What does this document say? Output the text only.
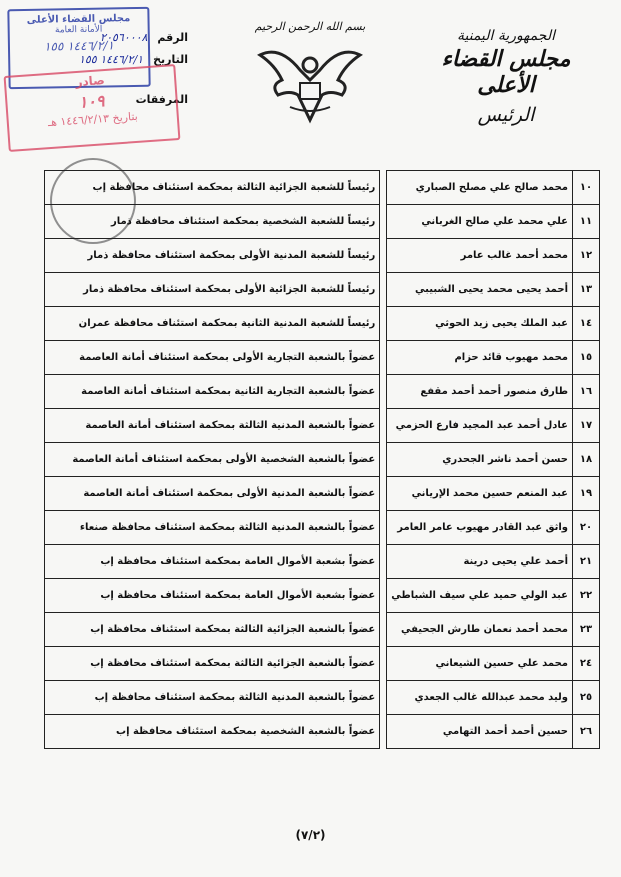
الجمهورية اليمنية
مجلس القضاء الأعلى
الرئيس
بسم الله الرحمن الرحيم
مجلس القضاء الأعلى
الأمانة العامة
١٤٤٦/٢/١ ١٥٥
الرقم
٢٠٥٦٠٠٠٨
التاريخ
١٤٤٦/٢/١ ١٥٥
المرفقات
صادر
١٠٩
بتاريخ ١٤٤٦/٢/١٣ هـ
١٠	محمد صالح علي مصلح الصباري		رئيساً للشعبة الجزائية الثالثة بمحكمة استئناف محافظة إب
١١	علي محمد علي صالح الغرباني		رئيساً للشعبة الشخصية بمحكمة استئناف محافظة ذمار
١٢	محمد أحمد غالب عامر		رئيساً للشعبة المدنية الأولى بمحكمة استئناف محافظة ذمار
١٣	أحمد يحيى محمد يحيى الشبيبي		رئيساً للشعبة الجزائية الأولى بمحكمة استئناف محافظة ذمار
١٤	عبد الملك يحيى زيد الحوثي		رئيساً للشعبة المدنية الثانية بمحكمة استئناف محافظة عمران
١٥	محمد مهيوب قائد حزام		عضواً بالشعبة التجارية الأولى بمحكمة استئناف أمانة العاصمة
١٦	طارق منصور أحمد أحمد مقفع		عضواً بالشعبة التجارية الثانية بمحكمة استئناف أمانة العاصمة
١٧	عادل أحمد عبد المجيد فارع الحزمي		عضواً بالشعبة المدنية الثالثة بمحكمة استئناف أمانة العاصمة
١٨	حسن أحمد ناشر الجحدري		عضواً بالشعبة الشخصية الأولى بمحكمة استئناف أمانة العاصمة
١٩	عبد المنعم حسين محمد الإرياني		عضواً بالشعبة المدنية الأولى بمحكمة استئناف أمانة العاصمة
٢٠	واثق عبد القادر مهيوب عامر العامر		عضواً بالشعبة المدنية الثالثة بمحكمة استئناف محافظة صنعاء
٢١	أحمد علي يحيى درينة		عضواً بشعبة الأموال العامة بمحكمة استئناف محافظة إب
٢٢	عبد الولي حميد علي سيف الشباطي		عضواً بشعبة الأموال العامة بمحكمة استئناف محافظة إب
٢٣	محمد أحمد نعمان طارش الجحيفي		عضواً بالشعبة الجزائية الثالثة بمحكمة استئناف محافظة إب
٢٤	محمد علي حسين الشيعاني		عضواً بالشعبة الجزائية الثالثة بمحكمة استئناف محافظة إب
٢٥	وليد محمد عبدالله غالب الجعدي		عضواً بالشعبة المدنية الثالثة بمحكمة استئناف محافظة إب
٢٦	حسين أحمد أحمد التهامي		عضواً بالشعبة الشخصية بمحكمة استئناف محافظة إب
(٧/٢)
